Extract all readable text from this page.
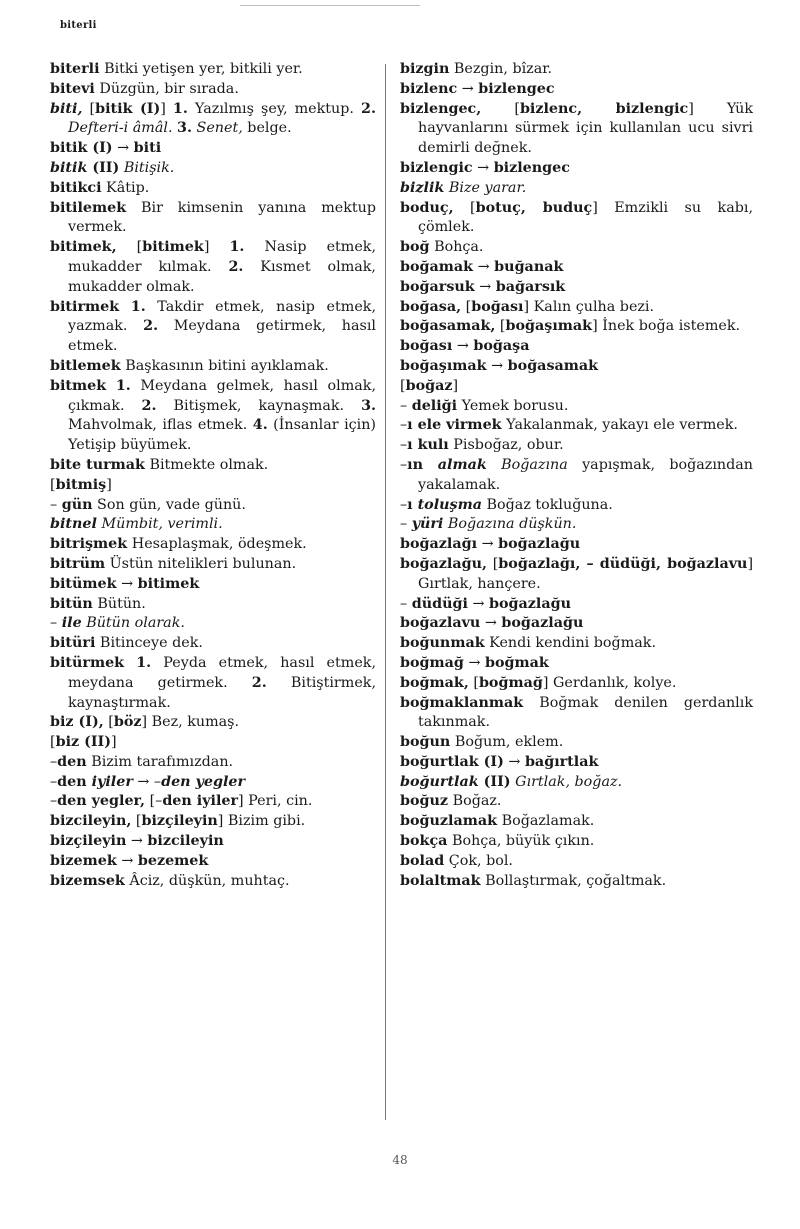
biterli
biterli Bitki yetişen yer, bitkili yer.
bitevi Düzgün, bir sırada.
biti, [bitik (I)] 1. Yazılmış şey, mektup. 2. Defteri-i âmâl. 3. Senet, belge.
bitik (I) → biti
bitik (II) Bitişik.
bitikci Kâtip.
bitilemek Bir kimsenin yanına mektup vermek.
bitimek, [bitimek] 1. Nasip etmek, mukadder kılmak. 2. Kısmet olmak, mukadder olmak.
bitirmek 1. Takdir etmek, nasip etmek, yazmak. 2. Meydana getirmek, hasıl etmek.
bitlemek Başkasının bitini ayıklamak.
bitmek 1. Meydana gelmek, hasıl olmak, çıkmak. 2. Bitişmek, kaynaşmak. 3. Mahvolmak, iflas etmek. 4. (İnsanlar için) Yetişip büyümek.
bite turmak Bitmekte olmak.
[bitmiş]
– gün Son gün, vade günü.
bitnel Mümbit, verimli.
bitrişmek Hesaplaşmak, ödeşmek.
bitrüm Üstün nitelikleri bulunan.
bitümek → bitimek
bitün Bütün.
– ile Bütün olarak.
bitüri Bitinceye dek.
bitürmek 1. Peyda etmek, hasıl etmek, meydana getirmek. 2. Bitiştirmek, kaynaştırmak.
biz (I), [böz] Bez, kumaş.
[biz (II)]
–den Bizim tarafımızdan.
–den iyiler → –den yegler
–den yegler, [–den iyiler] Peri, cin.
bizcileyin, [bizçileyin] Bizim gibi.
bizçileyin → bizcileyin
bizemek → bezemek
bizemsek Âciz, düşkün, muhtaç.
bizgin Bezgin, bîzar.
bizlenc → bizlengec
bizlengec, [bizlenc, bizlengic] Yük hayvanlarını sürmek için kullanılan ucu sivri demirli değnek.
bizlengic → bizlengec
bizlik Bize yarar.
boduç, [botuç, buduç] Emzikli su kabı, çömlek.
boğ Bohça.
boğamak → buğanak
boğarsuk → bağarsık
boğasa, [boğası] Kalın çulha bezi.
boğasamak, [boğaşımak] İnek boğa istemek.
boğası → boğaşa
boğaşımak → boğasamak
[boğaz]
– deliği Yemek borusu.
–ı ele virmek Yakalanmak, yakayı ele vermek.
–ı kulı Pisboğaz, obur.
–ın almak Boğazına yapışmak, boğazından yakalamak.
–ı toluşma Boğaz tokluğuna.
– yüri Boğazına düşkün.
boğazlağı → boğazlağu
boğazlağu, [boğazlağı, – düdüği, boğazlavu] Gırtlak, hançere.
– düdüği → boğazlağu
boğazlavu → boğazlağu
boğunmak Kendi kendini boğmak.
boğmağ → boğmak
boğmak, [boğmağ] Gerdanlık, kolye.
boğmaklanmak Boğmak denilen gerdanlık takınmak.
boğun Boğum, eklem.
boğurtlak (I) → bağırtlak
boğurtlak (II) Gırtlak, boğaz.
boğuz Boğaz.
boğuzlamak Boğazlamak.
bokça Bohça, büyük çıkın.
bolad Çok, bol.
bolaltmak Bollaştırmak, çoğaltmak.
48
